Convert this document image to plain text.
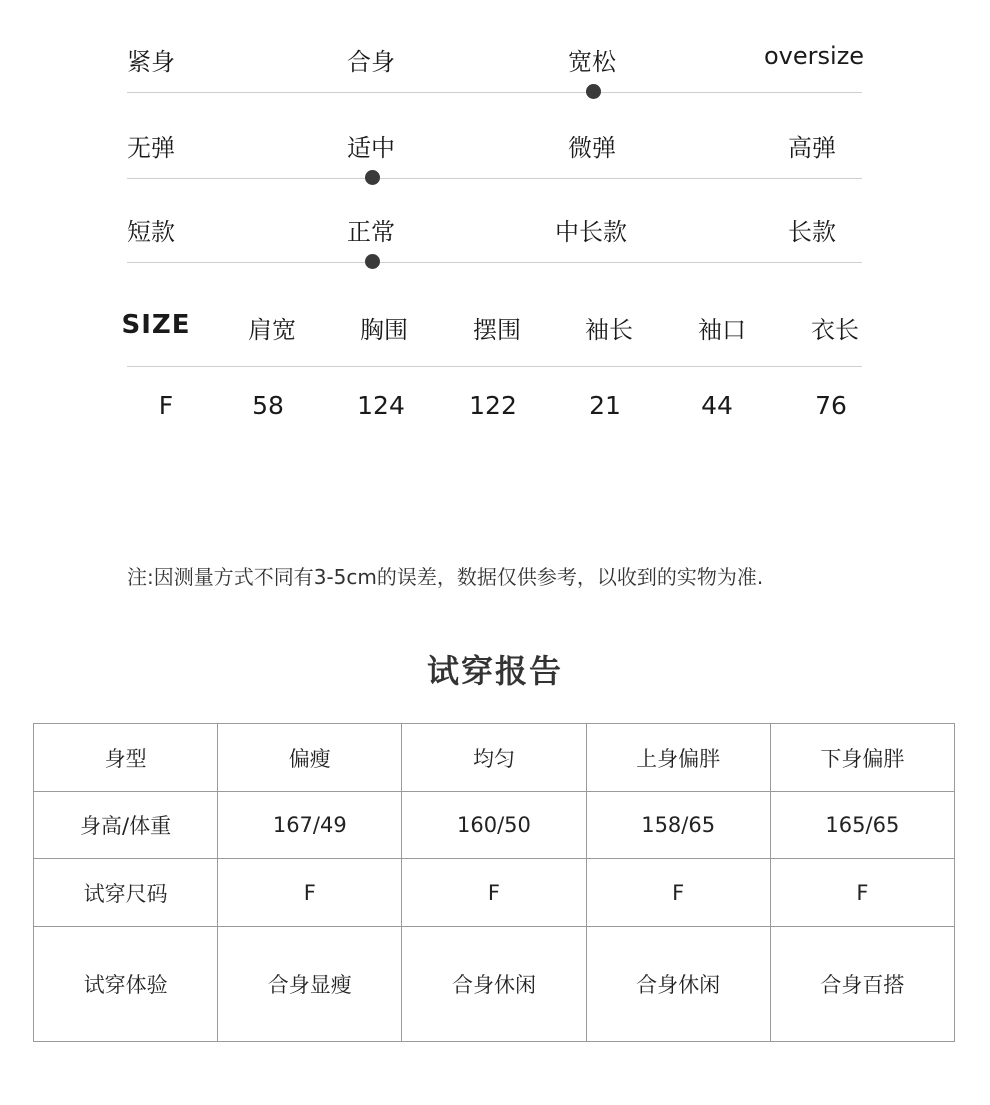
紧身	合身	宽松	oversize
无弹	适中	微弹	高弹
短款	正常	中长款	长款
SIZE 肩宽	胸围	摆围	袖长	袖口	衣长
F	58	124	122	21	44	76
注:因测量方式不同有3-5cm的误差，数据仅供参考，以收到的实物为准.
试穿报告
身型	偏瘦	均匀	上身偏胖	下身偏胖
身高/体重	167/49	160/50	158/65	165/65
试穿尺码	F	F	F	F
试穿体验	合身显瘦	合身休闲	合身休闲	合身百搭
